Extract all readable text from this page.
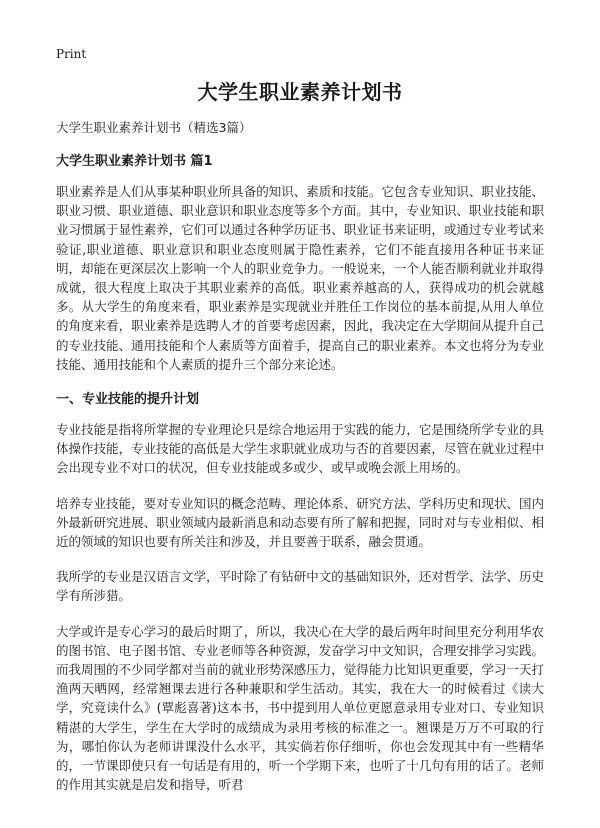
Print
大学生职业素养计划书

大学生职业素养计划书（精选3篇）

大学生职业素养计划书 篇1

职业素养是人们从事某种职业所具备的知识、素质和技能。它包含专业知识、职业技能、职业习惯、职业道德、职业意识和职业态度等多个方面。其中，专业知识、职业技能和职业习惯属于显性素养，它们可以通过各种学历证书、职业证书来证明，或通过专业考试来验证,职业道德、职业意识和职业态度则属于隐性素养，它们不能直接用各种证书来证明，却能在更深层次上影响一个人的职业竞争力。一般说来，一个人能否顺利就业并取得成就，很大程度上取决于其职业素养的高低。职业素养越高的人，获得成功的机会就越多。从大学生的角度来看，职业素养是实现就业并胜任工作岗位的基本前提,从用人单位的角度来看，职业素养是选聘人才的首要考虑因素，因此，我决定在大学期间从提升自己的专业技能、通用技能和个人素质等方面着手，提高自己的职业素养。本文也将分为专业技能、通用技能和个人素质的提升三个部分来论述。

一、专业技能的提升计划

专业技能是指将所掌握的专业理论只是综合地运用于实践的能力，它是围绕所学专业的具体操作技能，专业技能的高低是大学生求职就业成功与否的首要因素，尽管在就业过程中会出现专业不对口的状况，但专业技能或多或少、或早或晚会派上用场的。

培养专业技能，要对专业知识的概念范畴、理论体系、研究方法、学科历史和现状、国内外最新研究进展、职业领域内最新消息和动态要有所了解和把握，同时对与专业相似、相近的领域的知识也要有所关注和涉及，并且要善于联系，融会贯通。

我所学的专业是汉语言文学，平时除了有钻研中文的基础知识外，还对哲学、法学、历史学有所涉猎。

大学或许是专心学习的最后时期了，所以，我决心在大学的最后两年时间里充分利用华农的图书馆、电子图书馆、专业老师等各种资源，发奋学习中文知识，合理安排学习实践。而我周围的不少同学都对当前的就业形势深感压力，觉得能力比知识更重要，学习一天打渔两天晒网，经常翘课去进行各种兼职和学生活动。其实，我在大一的时候看过《读大学，究竟读什么》(覃彪喜著)这本书，书中提到用人单位更愿意录用专业对口、专业知识精湛的大学生，学生在大学时的成绩成为录用考核的标准之一。翘课是万万不可取的行为，哪怕你认为老师讲课没什么水平，其实倘若你仔细听，你也会发现其中有一些精华的，一节课即使只有一句话是有用的，听一个学期下来，也听了十几句有用的话了。老师的作用其实就是启发和指导，听君
